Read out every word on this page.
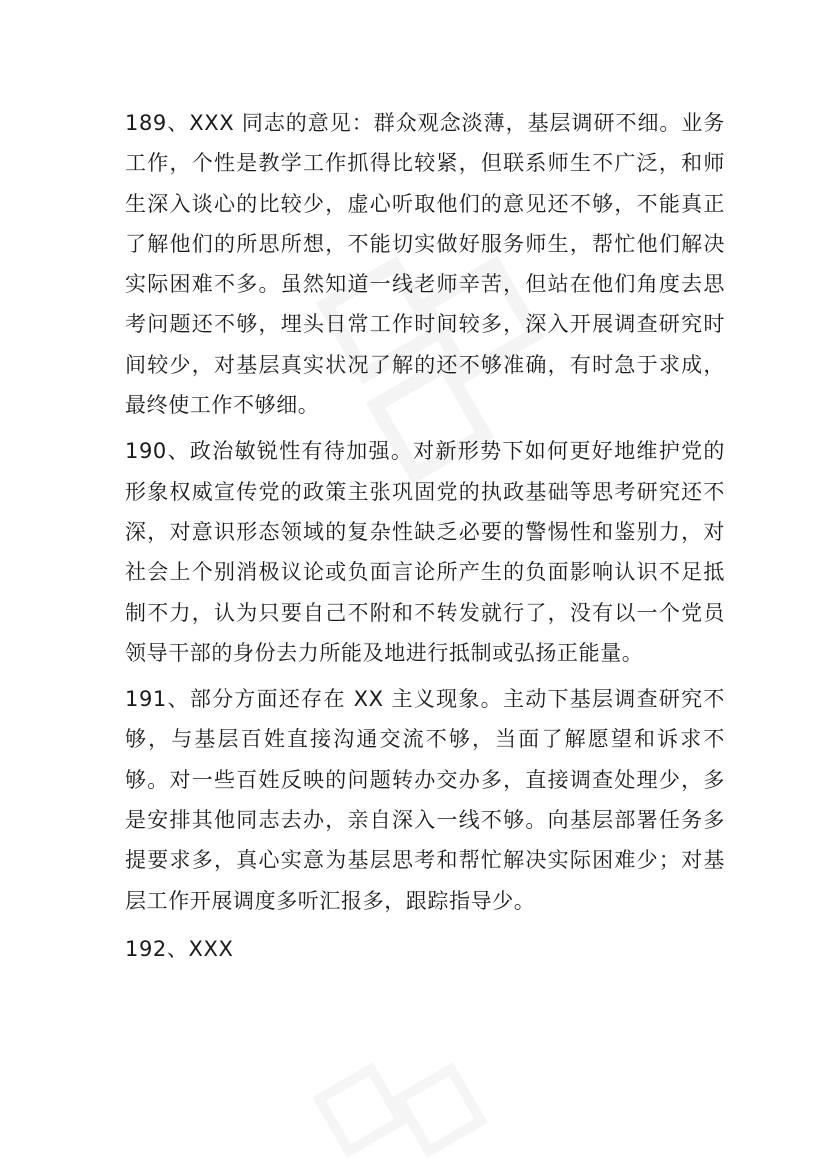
189、XXX 同志的意见：群众观念淡薄，基层调研不细。业务工作，个性是教学工作抓得比较紧，但联系师生不广泛，和师生深入谈心的比较少，虚心听取他们的意见还不够，不能真正了解他们的所思所想，不能切实做好服务师生，帮忙他们解决实际困难不多。虽然知道一线老师辛苦，但站在他们角度去思考问题还不够，埋头日常工作时间较多，深入开展调查研究时间较少，对基层真实状况了解的还不够准确，有时急于求成，最终使工作不够细。

190、政治敏锐性有待加强。对新形势下如何更好地维护党的形象权威宣传党的政策主张巩固党的执政基础等思考研究还不深，对意识形态领域的复杂性缺乏必要的警惕性和鉴别力，对社会上个别消极议论或负面言论所产生的负面影响认识不足抵制不力，认为只要自己不附和不转发就行了，没有以一个党员领导干部的身份去力所能及地进行抵制或弘扬正能量。

191、部分方面还存在 XX 主义现象。主动下基层调查研究不够，与基层百姓直接沟通交流不够，当面了解愿望和诉求不够。对一些百姓反映的问题转办交办多，直接调查处理少，多是安排其他同志去办，亲自深入一线不够。向基层部署任务多提要求多，真心实意为基层思考和帮忙解决实际困难少；对基层工作开展调度多听汇报多，跟踪指导少。

192、XXX
